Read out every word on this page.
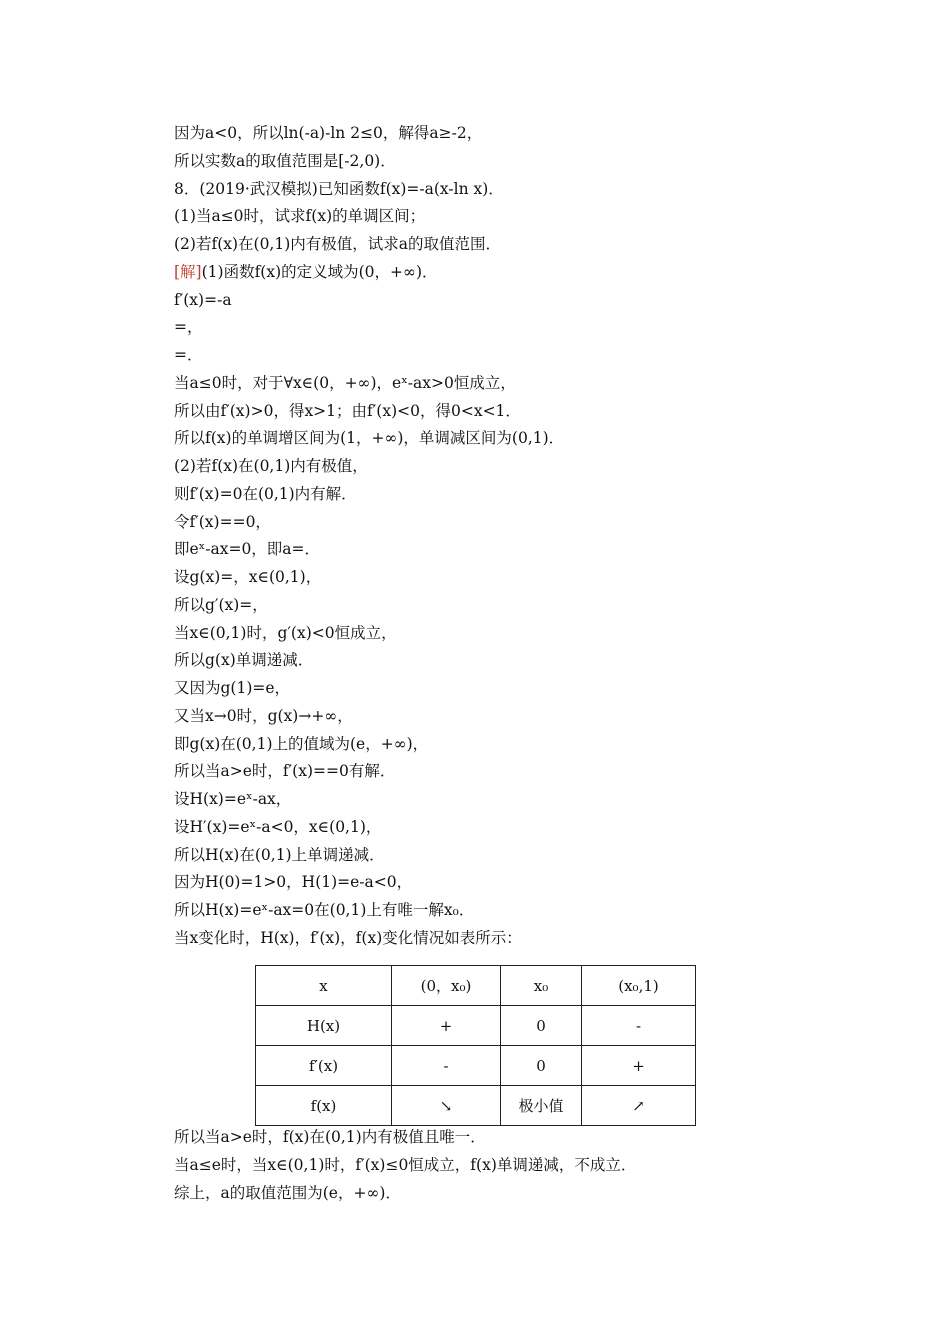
因为a<0，所以ln(-a)-ln 2≤0，解得a≥-2，
所以实数a的取值范围是[-2,0)．
8．(2019·武汉模拟)已知函数f(x)=-a(x-ln x)．
(1)当a≤0时，试求f(x)的单调区间；
(2)若f(x)在(0,1)内有极值，试求a的取值范围．
[解](1)函数f(x)的定义域为(0，+∞)．
f′(x)=-a
=，
=．
当a≤0时，对于∀x∈(0，+∞)，eˣ-ax>0恒成立，
所以由f′(x)>0，得x>1；由f′(x)<0，得0<x<1．
所以f(x)的单调增区间为(1，+∞)，单调减区间为(0,1)．
(2)若f(x)在(0,1)内有极值，
则f′(x)=0在(0,1)内有解．
令f′(x)==0，
即eˣ-ax=0，即a=．
设g(x)=，x∈(0,1)，
所以g′(x)=，
当x∈(0,1)时，g′(x)<0恒成立，
所以g(x)单调递减．
又因为g(1)=e，
又当x→0时，g(x)→+∞，
即g(x)在(0,1)上的值域为(e，+∞)，
所以当a>e时，f′(x)==0有解．
设H(x)=eˣ-ax，
设H′(x)=eˣ-a<0，x∈(0,1)，
所以H(x)在(0,1)上单调递减．
因为H(0)=1>0，H(1)=e-a<0，
所以H(x)=eˣ-ax=0在(0,1)上有唯一解x₀．
当x变化时，H(x)，f′(x)，f(x)变化情况如表所示：
x	(0，x₀)	x₀	(x₀,1)
H(x)	+	0	-
f′(x)	-	0	+
f(x)	↘	极小值	↗
所以当a>e时，f(x)在(0,1)内有极值且唯一．
当a≤e时，当x∈(0,1)时，f′(x)≤0恒成立，f(x)单调递减，不成立．
综上，a的取值范围为(e，+∞)．
